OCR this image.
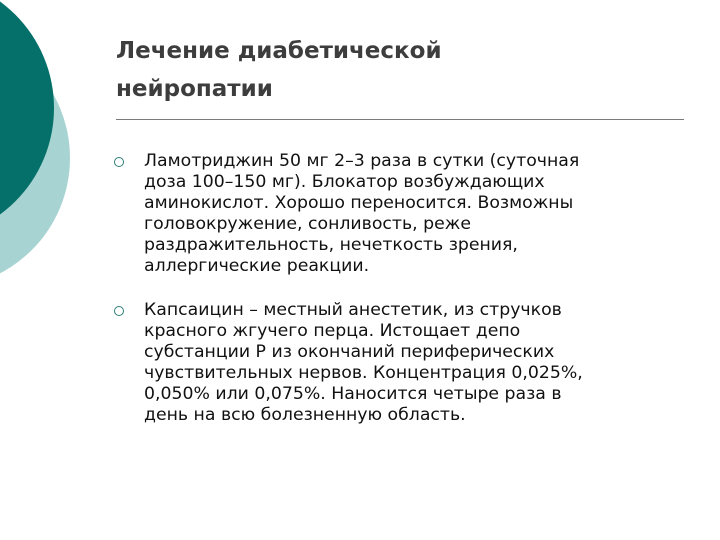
Лечение диабетической
нейропатии
Ламотриджин 50 мг 2–3 раза в сутки (суточная
доза 100–150 мг). Блокатор возбуждающих
аминокислот. Хорошо переносится. Возможны
головокружение, сонливость, реже
раздражительность, нечеткость зрения,
аллергические реакции.
Капсаицин – местный анестетик, из стручков
красного жгучего перца. Истощает депо
субстанции Р из окончаний периферических
чувствительных нервов. Концентрация 0,025%,
0,050% или 0,075%. Наносится четыре раза в
день на всю болезненную область.
